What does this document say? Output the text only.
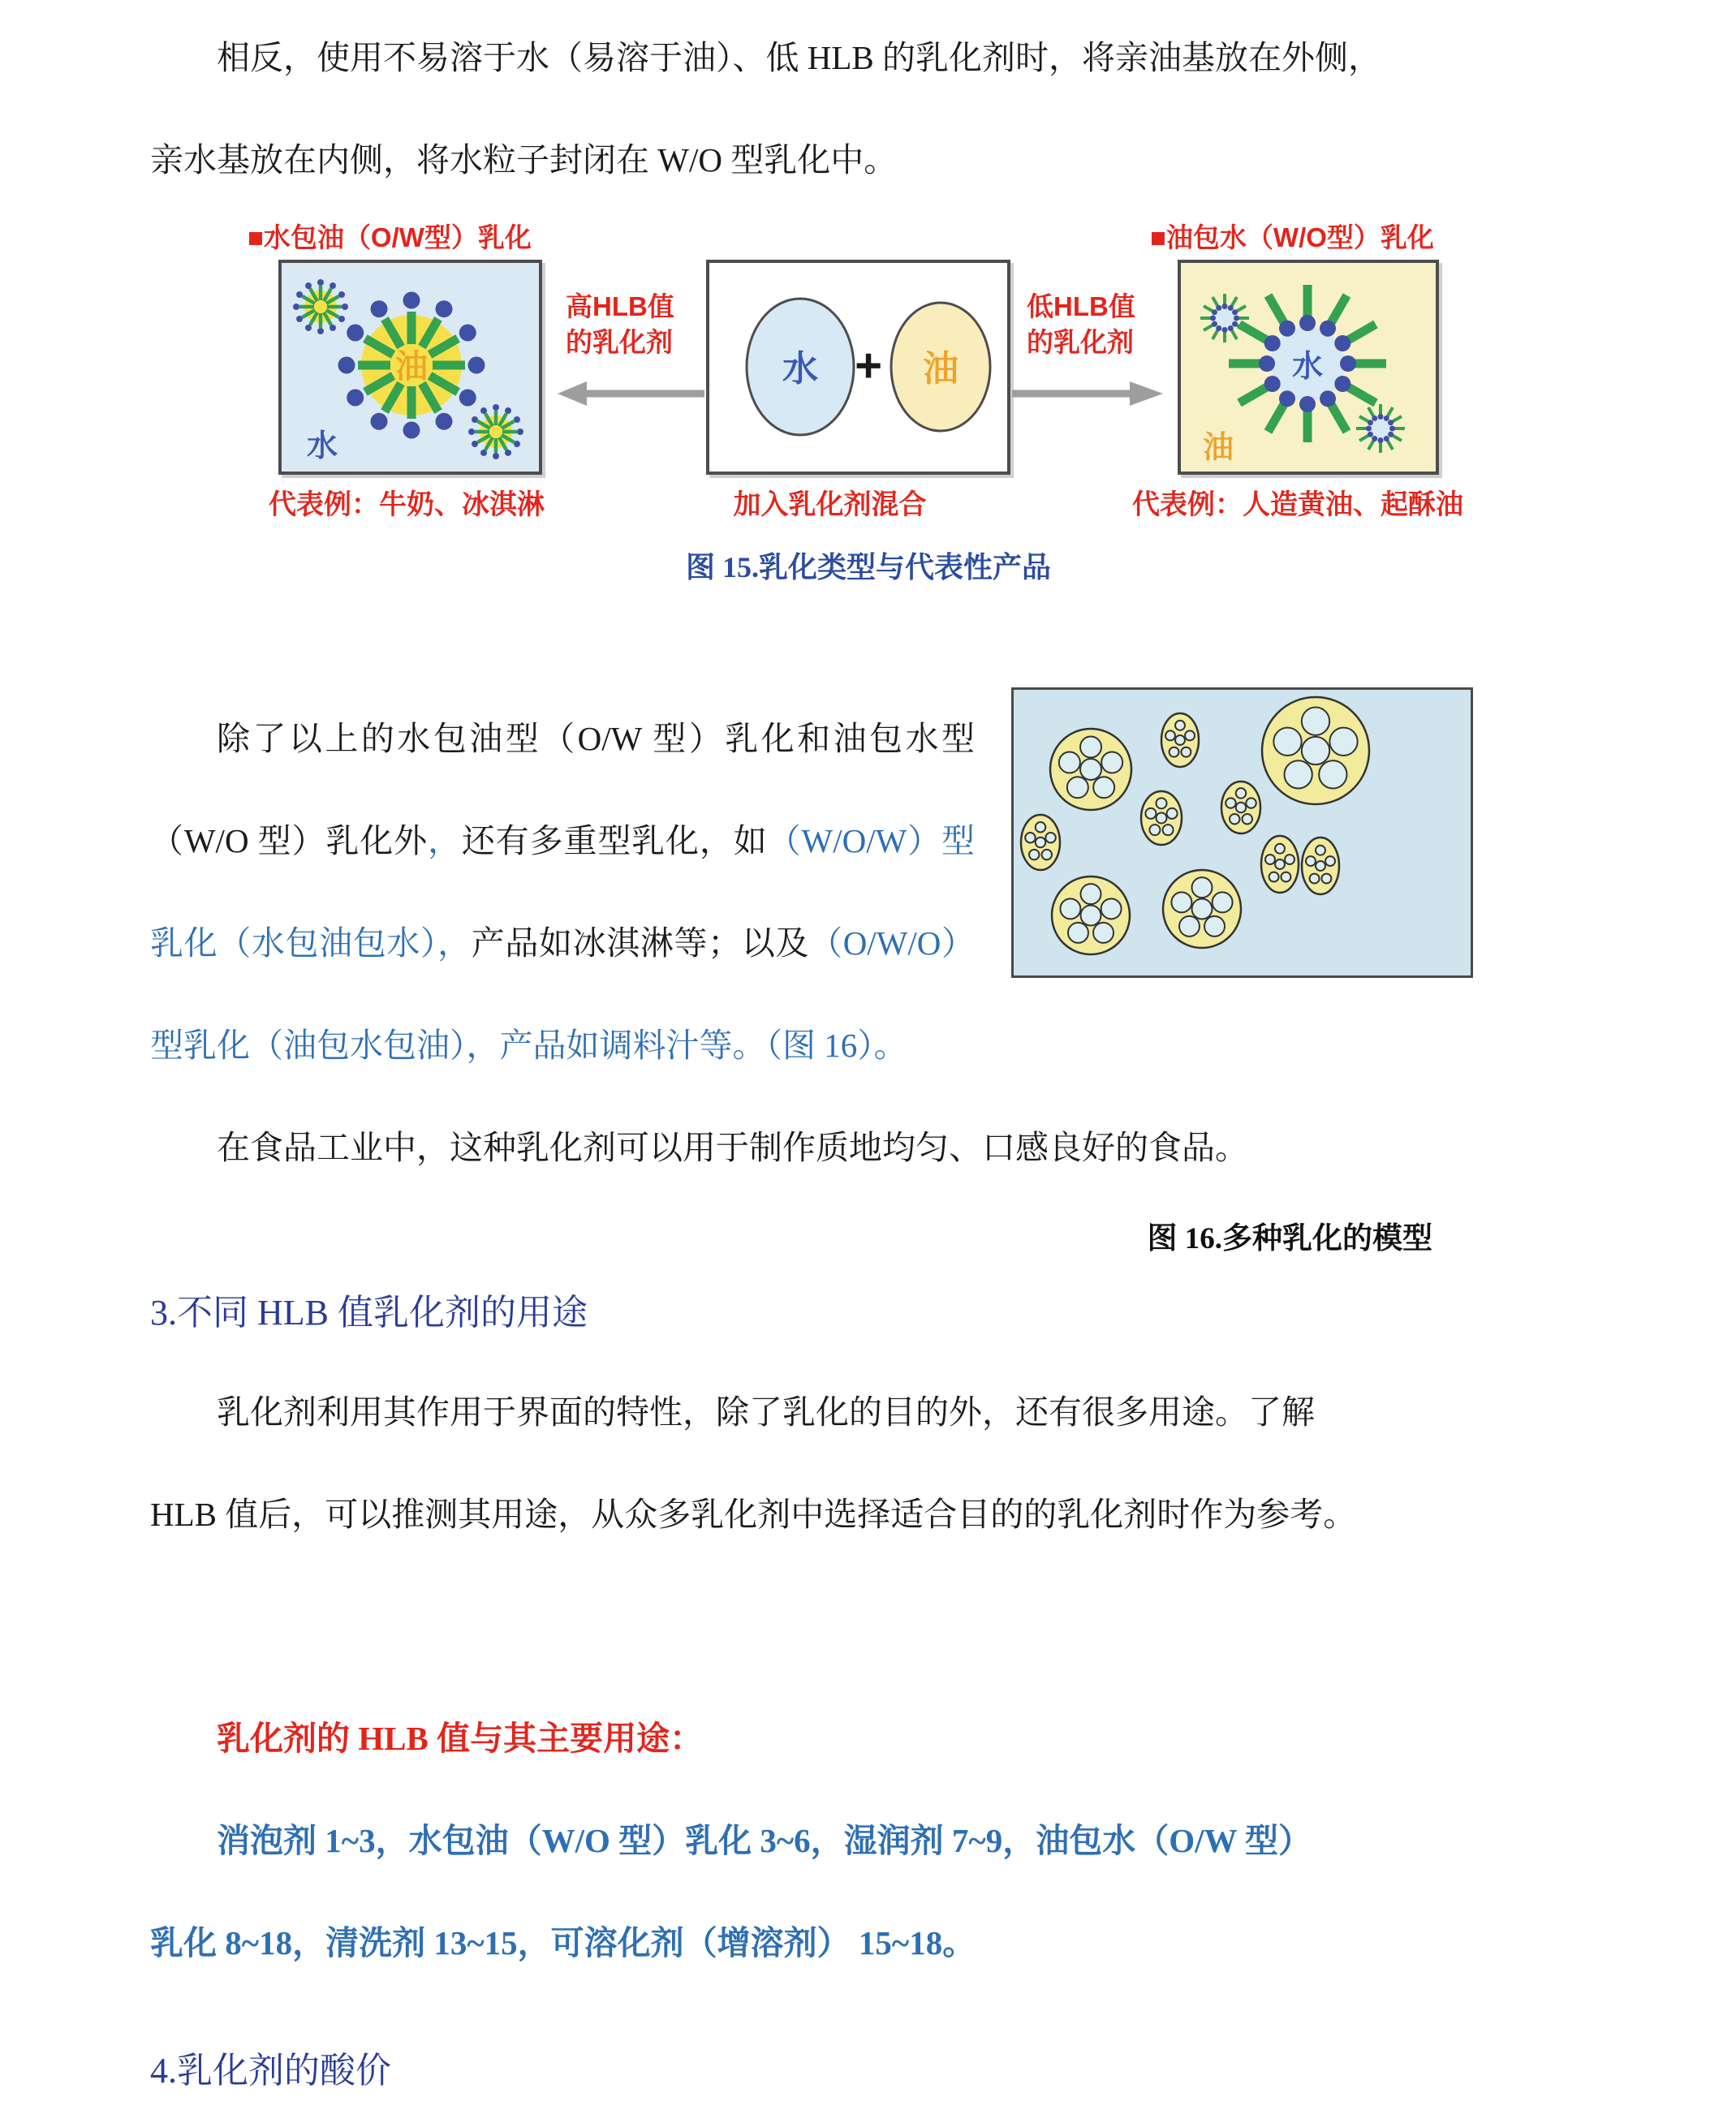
相反，使用不易溶于水（易溶于油）、低 HLB 的乳化剂时，将亲油基放在外侧，
亲水基放在内侧，将水粒子封闭在 W/O 型乳化中。

■水包油（O/W型）乳化	■油包水（W/O型）乳化
油
水
高HLB值
的乳化剂
水 + 油
低HLB值
的乳化剂
水
油
代表例：牛奶、冰淇淋	加入乳化剂混合	代表例：人造黄油、起酥油
图 15.乳化类型与代表性产品

除了以上的水包油型（O/W 型）乳化和油包水型（W/O 型）乳化外，还有多重型乳化，如（W/O/W）型乳化（水包油包水），产品如冰淇淋等；以及（O/W/O）型乳化（油包水包油），产品如调料汁等。（图 16）。

在食品工业中，这种乳化剂可以用于制作质地均匀、口感良好的食品。

图 16.多种乳化的模型
3.不同 HLB 值乳化剂的用途

乳化剂利用其作用于界面的特性，除了乳化的目的外，还有很多用途。了解
HLB 值后，可以推测其用途，从众多乳化剂中选择适合目的的乳化剂时作为参考。

乳化剂的 HLB 值与其主要用途：

消泡剂 1~3，水包油（W/O 型）乳化 3~6，湿润剂 7~9，油包水（O/W 型）
乳化 8~18，清洗剂 13~15，可溶化剂（增溶剂） 15~18。

4.乳化剂的酸价
